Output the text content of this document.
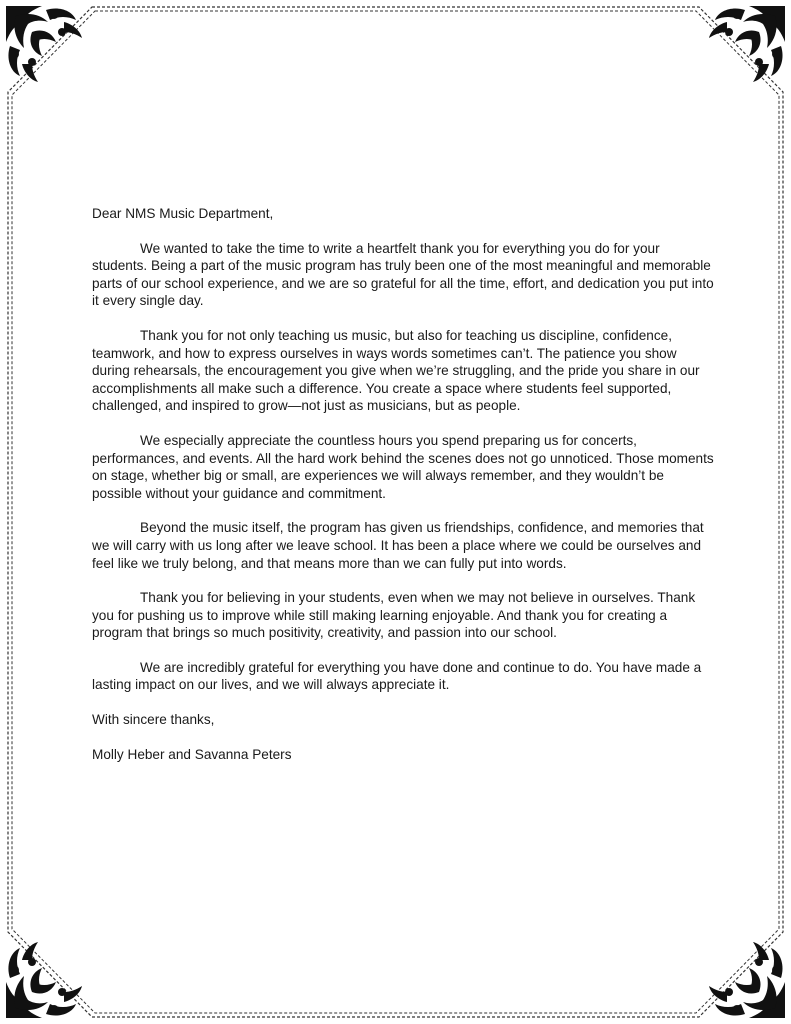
Dear NMS Music Department,

We wanted to take the time to write a heartfelt thank you for everything you do for your students. Being a part of the music program has truly been one of the most meaningful and memorable parts of our school experience, and we are so grateful for all the time, effort, and dedication you put into it every single day.

Thank you for not only teaching us music, but also for teaching us discipline, confidence, teamwork, and how to express ourselves in ways words sometimes can’t. The patience you show during rehearsals, the encouragement you give when we’re struggling, and the pride you share in our accomplishments all make such a difference. You create a space where students feel supported, challenged, and inspired to grow—not just as musicians, but as people.

We especially appreciate the countless hours you spend preparing us for concerts, performances, and events. All the hard work behind the scenes does not go unnoticed. Those moments on stage, whether big or small, are experiences we will always remember, and they wouldn’t be possible without your guidance and commitment.

Beyond the music itself, the program has given us friendships, confidence, and memories that we will carry with us long after we leave school. It has been a place where we could be ourselves and feel like we truly belong, and that means more than we can fully put into words.

Thank you for believing in your students, even when we may not believe in ourselves. Thank you for pushing us to improve while still making learning enjoyable. And thank you for creating a program that brings so much positivity, creativity, and passion into our school.

We are incredibly grateful for everything you have done and continue to do. You have made a lasting impact on our lives, and we will always appreciate it.

With sincere thanks,

Molly Heber and Savanna Peters
